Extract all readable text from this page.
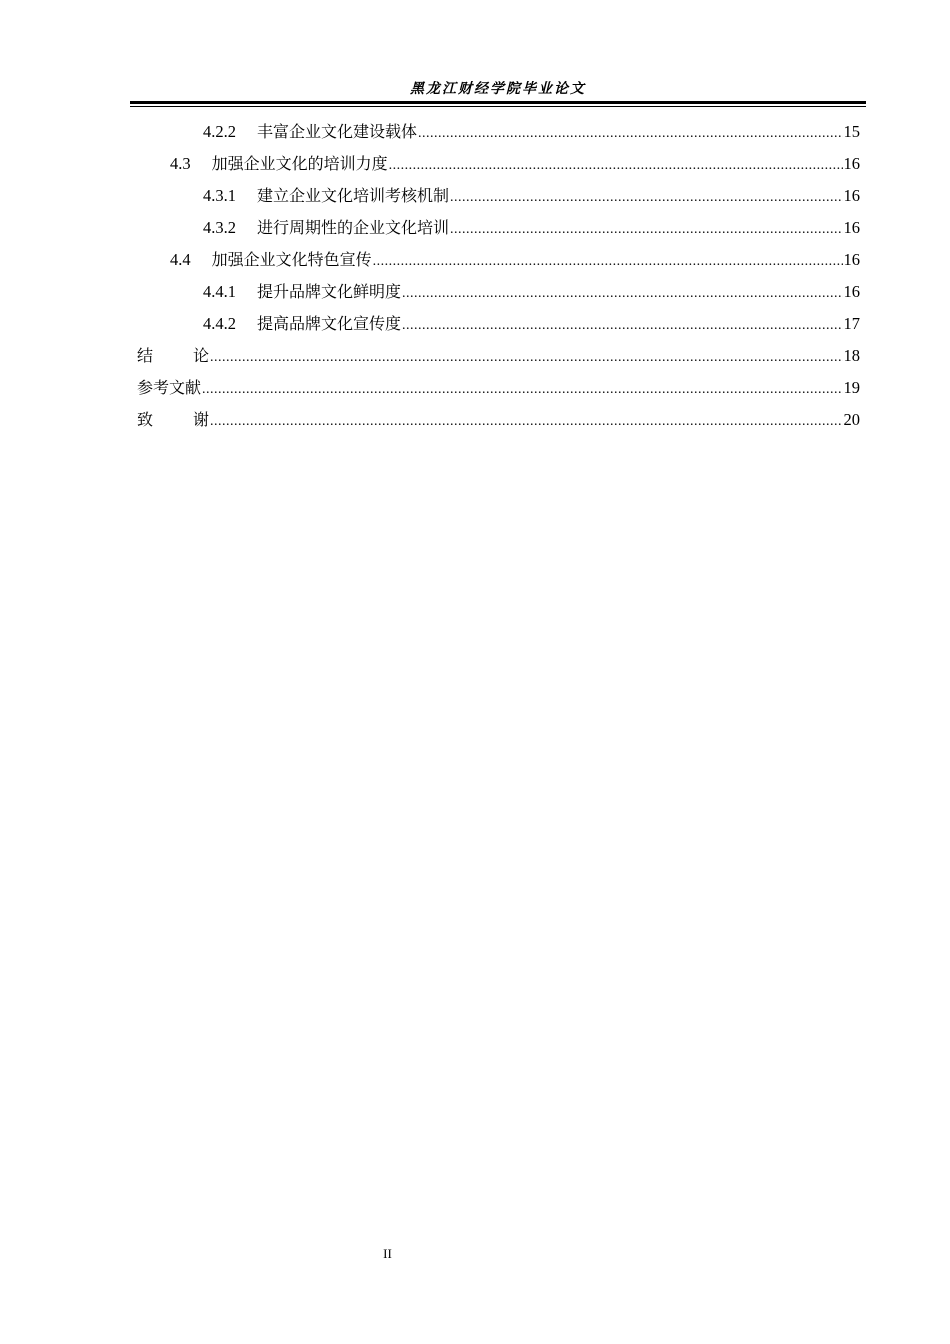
黑龙江财经学院毕业论文
4.2.2	丰富企业文化建设载体 .....	15
4.3	加强企业文化的培训力度 .....	16
4.3.1	建立企业文化培训考核机制 .....	16
4.3.2	进行周期性的企业文化培训 .....	16
4.4	加强企业文化特色宣传 .....	16
4.4.1	提升品牌文化鲜明度 .....	16
4.4.2	提高品牌文化宣传度 .....	17
结论 .....	18
参考文献 .....	19
致谢 .....	20
II
